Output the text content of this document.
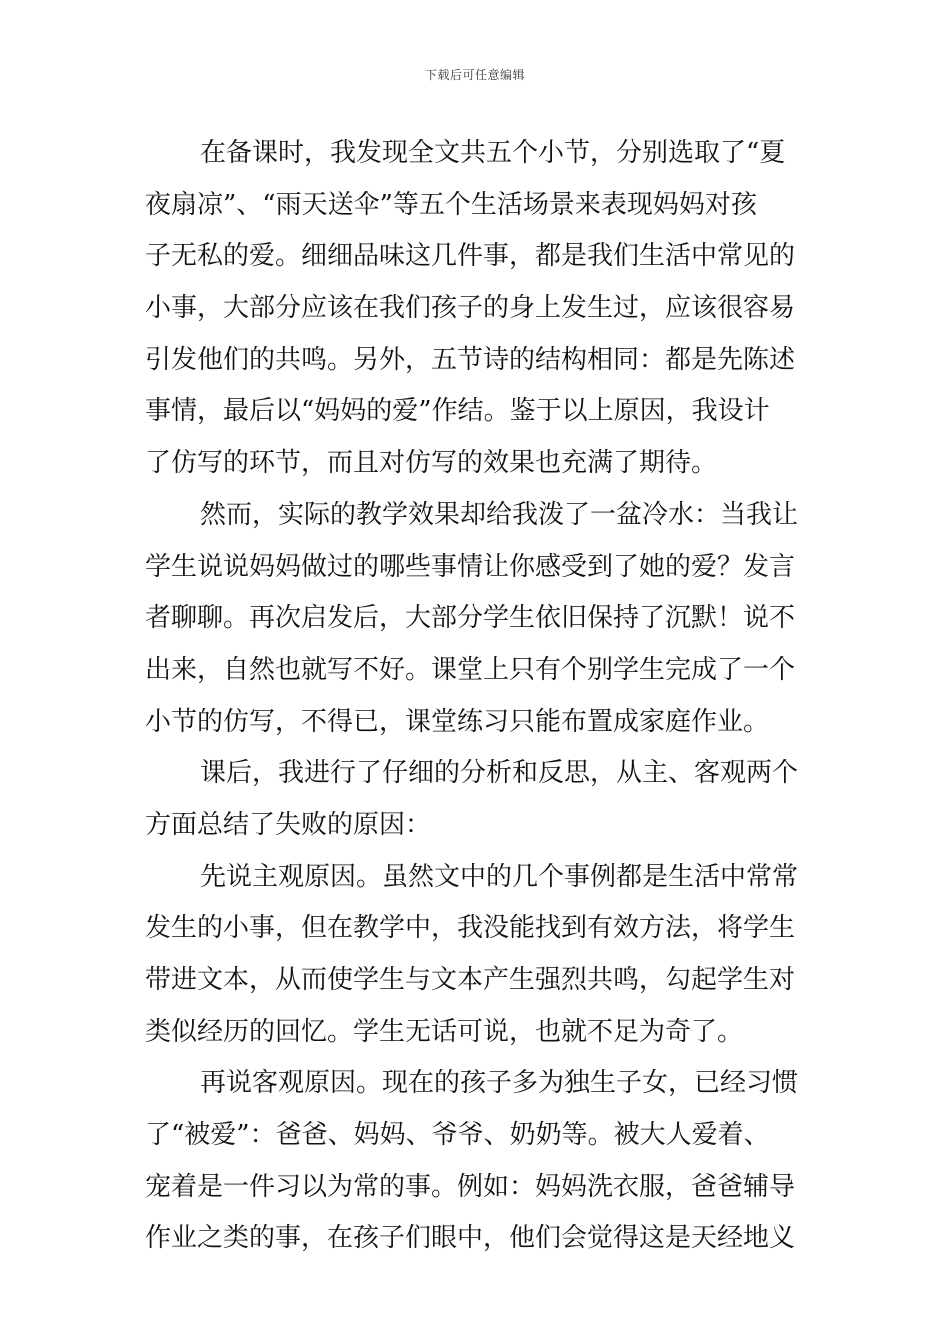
下载后可任意编辑
在备课时，我发现全文共五个小节，分别选取了“夏
夜扇凉”、“雨天送伞”等五个生活场景来表现妈妈对孩
子无私的爱。细细品味这几件事，都是我们生活中常见的
小事，大部分应该在我们孩子的身上发生过，应该很容易
引发他们的共鸣。另外，五节诗的结构相同：都是先陈述
事情，最后以“妈妈的爱”作结。鉴于以上原因，我设计
了仿写的环节，而且对仿写的效果也充满了期待。
然而，实际的教学效果却给我泼了一盆冷水：当我让
学生说说妈妈做过的哪些事情让你感受到了她的爱？发言
者聊聊。再次启发后，大部分学生依旧保持了沉默！说不
出来，自然也就写不好。课堂上只有个别学生完成了一个
小节的仿写，不得已，课堂练习只能布置成家庭作业。
课后，我进行了仔细的分析和反思，从主、客观两个
方面总结了失败的原因：
先说主观原因。虽然文中的几个事例都是生活中常常
发生的小事，但在教学中，我没能找到有效方法，将学生
带进文本，从而使学生与文本产生强烈共鸣，勾起学生对
类似经历的回忆。学生无话可说，也就不足为奇了。
再说客观原因。现在的孩子多为独生子女，已经习惯
了“被爱”：爸爸、妈妈、爷爷、奶奶等。被大人爱着、
宠着是一件习以为常的事。例如：妈妈洗衣服，爸爸辅导
作业之类的事，在孩子们眼中，他们会觉得这是天经地义
